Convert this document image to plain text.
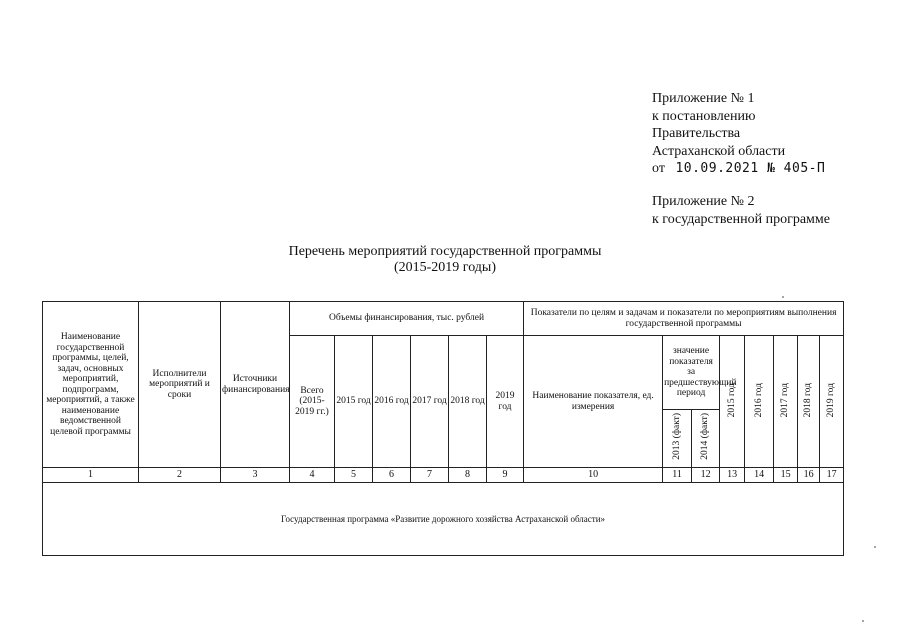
Приложение № 1
к постановлению
Правительства
Астраханской области
от 10.09.2021 № 405-П
Приложение № 2
к государственной программе
Перечень мероприятий государственной программы
(2015-2019 годы)
Наименование государственной программы, целей, задач, основных мероприятий, подпрограмм, мероприятий, а также наименование ведомственной целевой программы	Исполнители мероприятий и сроки	Источники финансирования	Объемы финансирования, тыс. рублей						Показатели по целям и задачам и показатели по мероприятиям выполнения государственной программы							
			Всего (2015-2019 гг.)	2015 год	2016 год	2017 год	2018 год	2019 год	Наименование показателя, ед. измерения	значение показателя за предшествующий период		2015 год	2016 год	2017 год	2018 год	2019 год
										2013 (факт)	2014 (факт)					
1	2	3	4	5	6	7	8	9	10	11	12	13	14	15	16	17
Государственная программа «Развитие дорожного хозяйства Астраханской области»																
